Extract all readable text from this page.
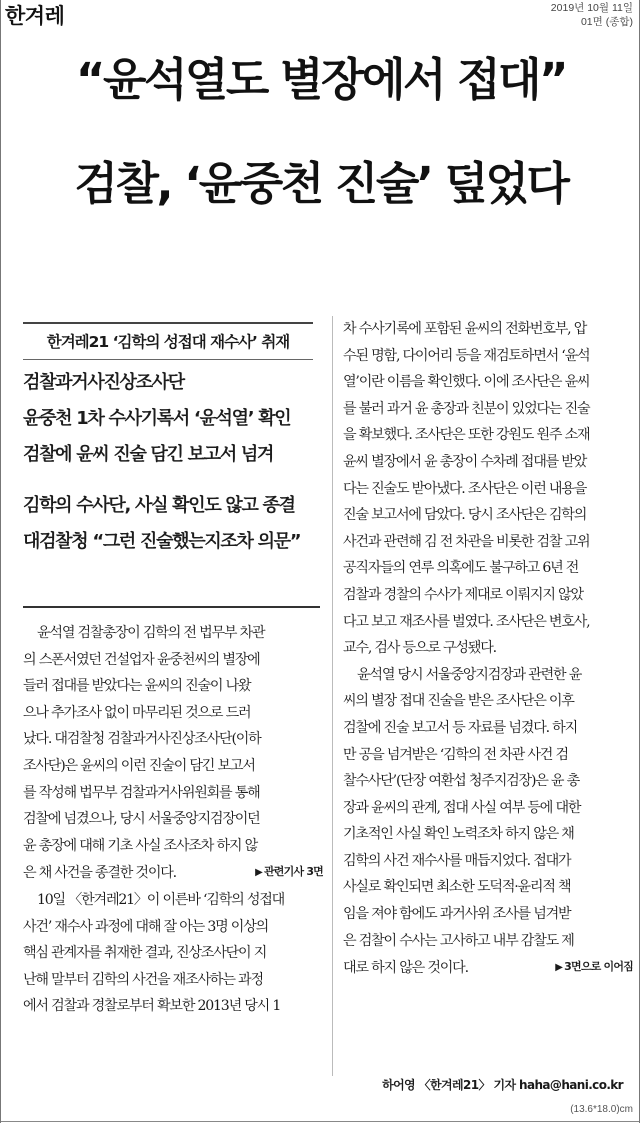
한겨레	2019년 10월 11일
01면 (종합)
“윤석열도 별장에서 접대”
검찰, ‘윤중천 진술’ 덮었다
한겨레21 ‘김학의 성접대 재수사’ 취재
검찰과거사진상조사단
윤중천 1차 수사기록서 ‘윤석열’ 확인
검찰에 윤씨 진술 담긴 보고서 넘겨
김학의 수사단, 사실 확인도 않고 종결
대검찰청 “그런 진술했는지조차 의문”
윤석열 검찰총장이 김학의 전 법무부 차관
의 스폰서였던 건설업자 윤중천씨의 별장에
들러 접대를 받았다는 윤씨의 진술이 나왔
으나 추가조사 없이 마무리된 것으로 드러
났다. 대검찰청 검찰과거사진상조사단(이하
조사단)은 윤씨의 이런 진술이 담긴 보고서
를 작성해 법무부 검찰과거사위원회를 통해
검찰에 넘겼으나, 당시 서울중앙지검장이던
윤 총장에 대해 기초 사실 조사조차 하지 않
은 채 사건을 종결한 것이다.	▶ 관련기사 3면
10일 〈한겨레21〉이 이른바 ‘김학의 성접대
사건’ 재수사 과정에 대해 잘 아는 3명 이상의
핵심 관계자를 취재한 결과, 진상조사단이 지
난해 말부터 김학의 사건을 재조사하는 과정
에서 검찰과 경찰로부터 확보한 2013년 당시 1
차 수사기록에 포함된 윤씨의 전화번호부, 압
수된 명함, 다이어리 등을 재검토하면서 ‘윤석
열’이란 이름을 확인했다. 이에 조사단은 윤씨
를 불러 과거 윤 총장과 친분이 있었다는 진술
을 확보했다. 조사단은 또한 강원도 원주 소재
윤씨 별장에서 윤 총장이 수차례 접대를 받았
다는 진술도 받아냈다. 조사단은 이런 내용을
진술 보고서에 담았다. 당시 조사단은 김학의
사건과 관련해 김 전 차관을 비롯한 검찰 고위
공직자들의 연루 의혹에도 불구하고 6년 전
검찰과 경찰의 수사가 제대로 이뤄지지 않았
다고 보고 재조사를 벌였다. 조사단은 변호사,
교수, 검사 등으로 구성됐다.
윤석열 당시 서울중앙지검장과 관련한 윤
씨의 별장 접대 진술을 받은 조사단은 이후
검찰에 진술 보고서 등 자료를 넘겼다. 하지
만 공을 넘겨받은 ‘김학의 전 차관 사건 검
찰수사단’(단장 여환섭 청주지검장)은 윤 총
장과 윤씨의 관계, 접대 사실 여부 등에 대한
기초적인 사실 확인 노력조차 하지 않은 채
김학의 사건 재수사를 매듭지었다. 접대가
사실로 확인되면 최소한 도덕적·윤리적 책
임을 져야 함에도 과거사위 조사를 넘겨받
은 검찰이 수사는 고사하고 내부 감찰도 제
대로 하지 않은 것이다.	▶ 3면으로 이어짐
하어영 〈한겨레21〉 기자 haha@hani.co.kr
(13.6*18.0)cm
